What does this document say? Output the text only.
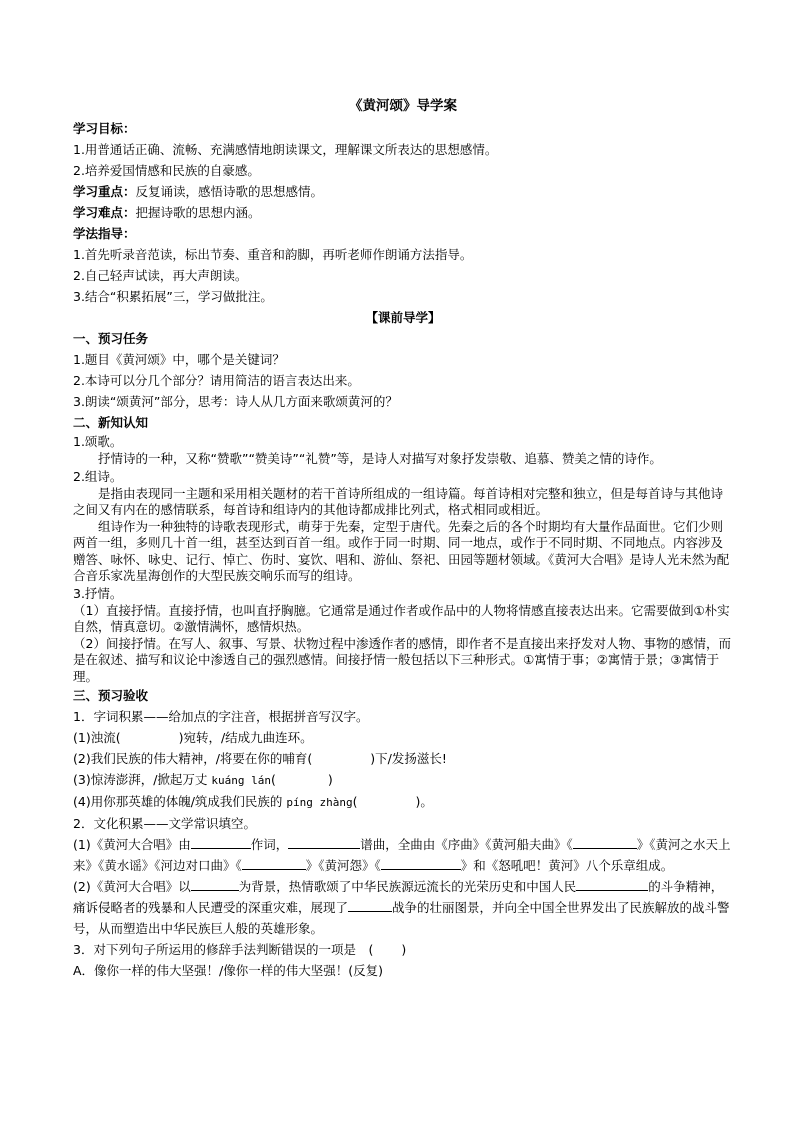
《黄河颂》导学案
学习目标：
1.用普通话正确、流畅、充满感情地朗读课文，理解课文所表达的思想感情。
2.培养爱国情感和民族的自豪感。
学习重点：反复诵读，感悟诗歌的思想感情。
学习难点：把握诗歌的思想内涵。
学法指导：
1.首先听录音范读，标出节奏、重音和韵脚，再听老师作朗诵方法指导。
2.自己轻声试读，再大声朗读。
3.结合“积累拓展”三，学习做批注。
【课前导学】
一、预习任务
1.题目《黄河颂》中，哪个是关键词？
2.本诗可以分几个部分？请用简洁的语言表达出来。
3.朗读“颂黄河”部分，思考：诗人从几方面来歌颂黄河的？
二、新知认知
1.颂歌。

抒情诗的一种，又称“赞歌”“赞美诗”“礼赞”等，是诗人对描写对象抒发崇敬、追慕、赞美之情的诗作。

2.组诗。

是指由表现同一主题和采用相关题材的若干首诗所组成的一组诗篇。每首诗相对完整和独立，但是每首诗与其他诗之间又有内在的感情联系，每首诗和组诗内的其他诗都成排比列式，格式相同或相近。

组诗作为一种独特的诗歌表现形式，萌芽于先秦，定型于唐代。先秦之后的各个时期均有大量作品面世。它们少则两首一组，多则几十首一组，甚至达到百首一组。或作于同一时期、同一地点，或作于不同时期、不同地点。内容涉及赠答、咏怀、咏史、记行、悼亡、伤时、宴饮、唱和、游仙、祭祀、田园等题材领域。《黄河大合唱》是诗人光未然为配合音乐家冼星海创作的大型民族交响乐而写的组诗。

3.抒情。

（1）直接抒情。直接抒情，也叫直抒胸臆。它通常是通过作者或作品中的人物将情感直接表达出来。它需要做到①朴实自然，情真意切。②激情满怀，感情炽热。

（2）间接抒情。在写人、叙事、写景、状物过程中渗透作者的感情，即作者不是直接出来抒发对人物、事物的感情，而是在叙述、描写和议论中渗透自己的强烈感情。间接抒情一般包括以下三种形式。①寓情于事；②寓情于景；③寓情于理。

三、预习验收
1．字词积累——给加点的字注音，根据拼音写汉字。
(1)浊流(	)宛转，/结成九曲连环。
(2)我们民族的伟大精神，/将要在你的哺育(	)下/发扬滋长!
(3)惊涛澎湃，/掀起万丈 kuáng lán(	)
(4)用你那英雄的体魄/筑成我们民族的 píng zhàng(	)。
2．文化积累——文学常识填空。

(1)《黄河大合唱》由	作词，	谱曲，全曲由《序曲》《黄河船夫曲》《	》《黄河之水天上来》《黄水谣》《河边对口曲》《	》《黄河怨》《	》和《怒吼吧！黄河》八个乐章组成。

(2)《黄河大合唱》以	为背景，热情歌颂了中华民族源远流长的光荣历史和中国人民	的斗争精神，痛诉侵略者的残暴和人民遭受的深重灾难，展现了	战争的壮丽图景，并向全中国全世界发出了民族解放的战斗警号，从而塑造出中华民族巨人般的英雄形象。

3．对下列句子所运用的修辞手法判断错误的一项是　( )
A．像你一样的伟大坚强！/像你一样的伟大坚强！(反复)
